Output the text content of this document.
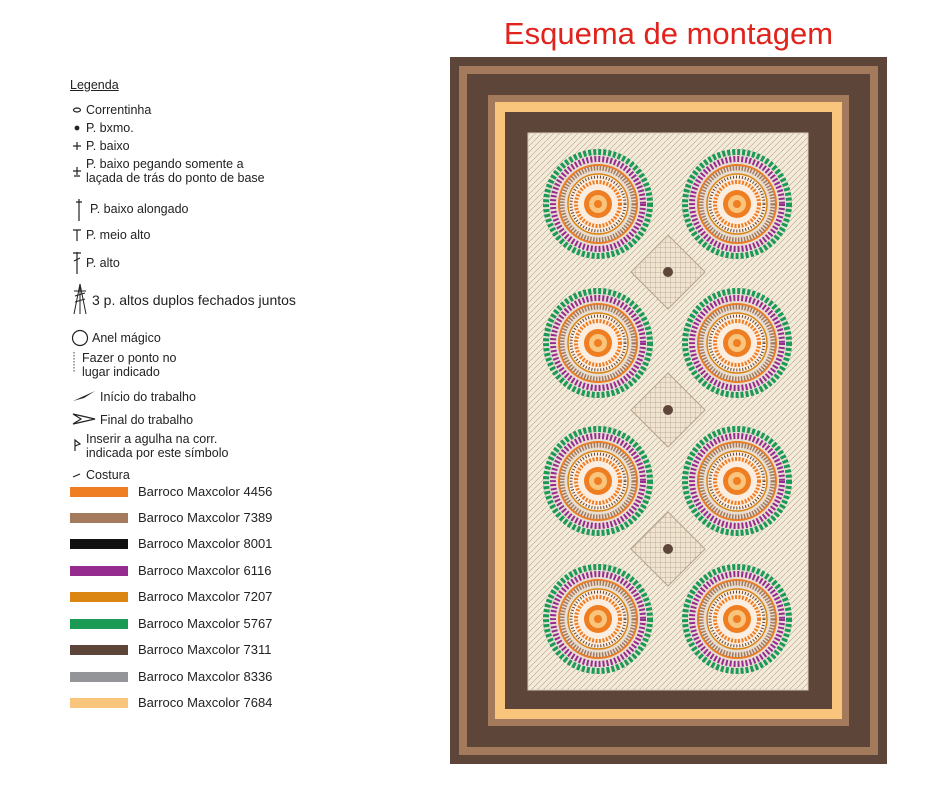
Esquema de montagem
Legenda
Correntinha
P. bxmo.
P. baixo
P. baixo pegando somente a
laçada de trás do ponto de base
P. baixo alongado
P. meio alto
P. alto
3 p. altos duplos fechados juntos
Anel mágico
Fazer o ponto no
lugar indicado
Início do trabalho
Final do trabalho
Inserir a agulha na corr.
indicada por este símbolo
Costura
Barroco Maxcolor 4456
Barroco Maxcolor 7389
Barroco Maxcolor 8001
Barroco Maxcolor 6116
Barroco Maxcolor 7207
Barroco Maxcolor 5767
Barroco Maxcolor 7311
Barroco Maxcolor 8336
Barroco Maxcolor 7684
